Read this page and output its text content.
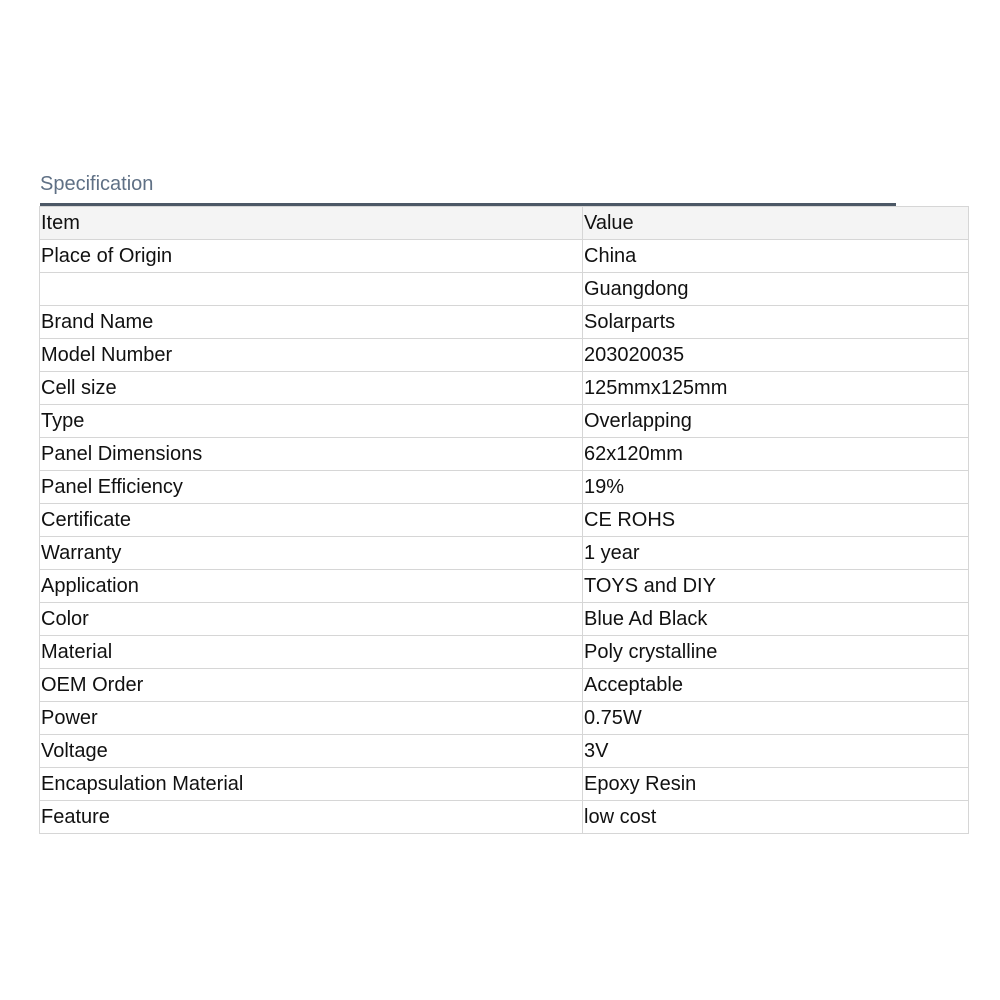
Specification
Item	Value
Place of Origin	China
	Guangdong
Brand Name	Solarparts
Model Number	203020035
Cell size	125mmx125mm
Type	Overlapping
Panel Dimensions	62x120mm
Panel Efficiency	19%
Certificate	CE ROHS
Warranty	1 year
Application	TOYS and DIY
Color	Blue Ad Black
Material	Poly crystalline
OEM Order	Acceptable
Power	0.75W
Voltage	3V
Encapsulation Material	Epoxy Resin
Feature	low cost
